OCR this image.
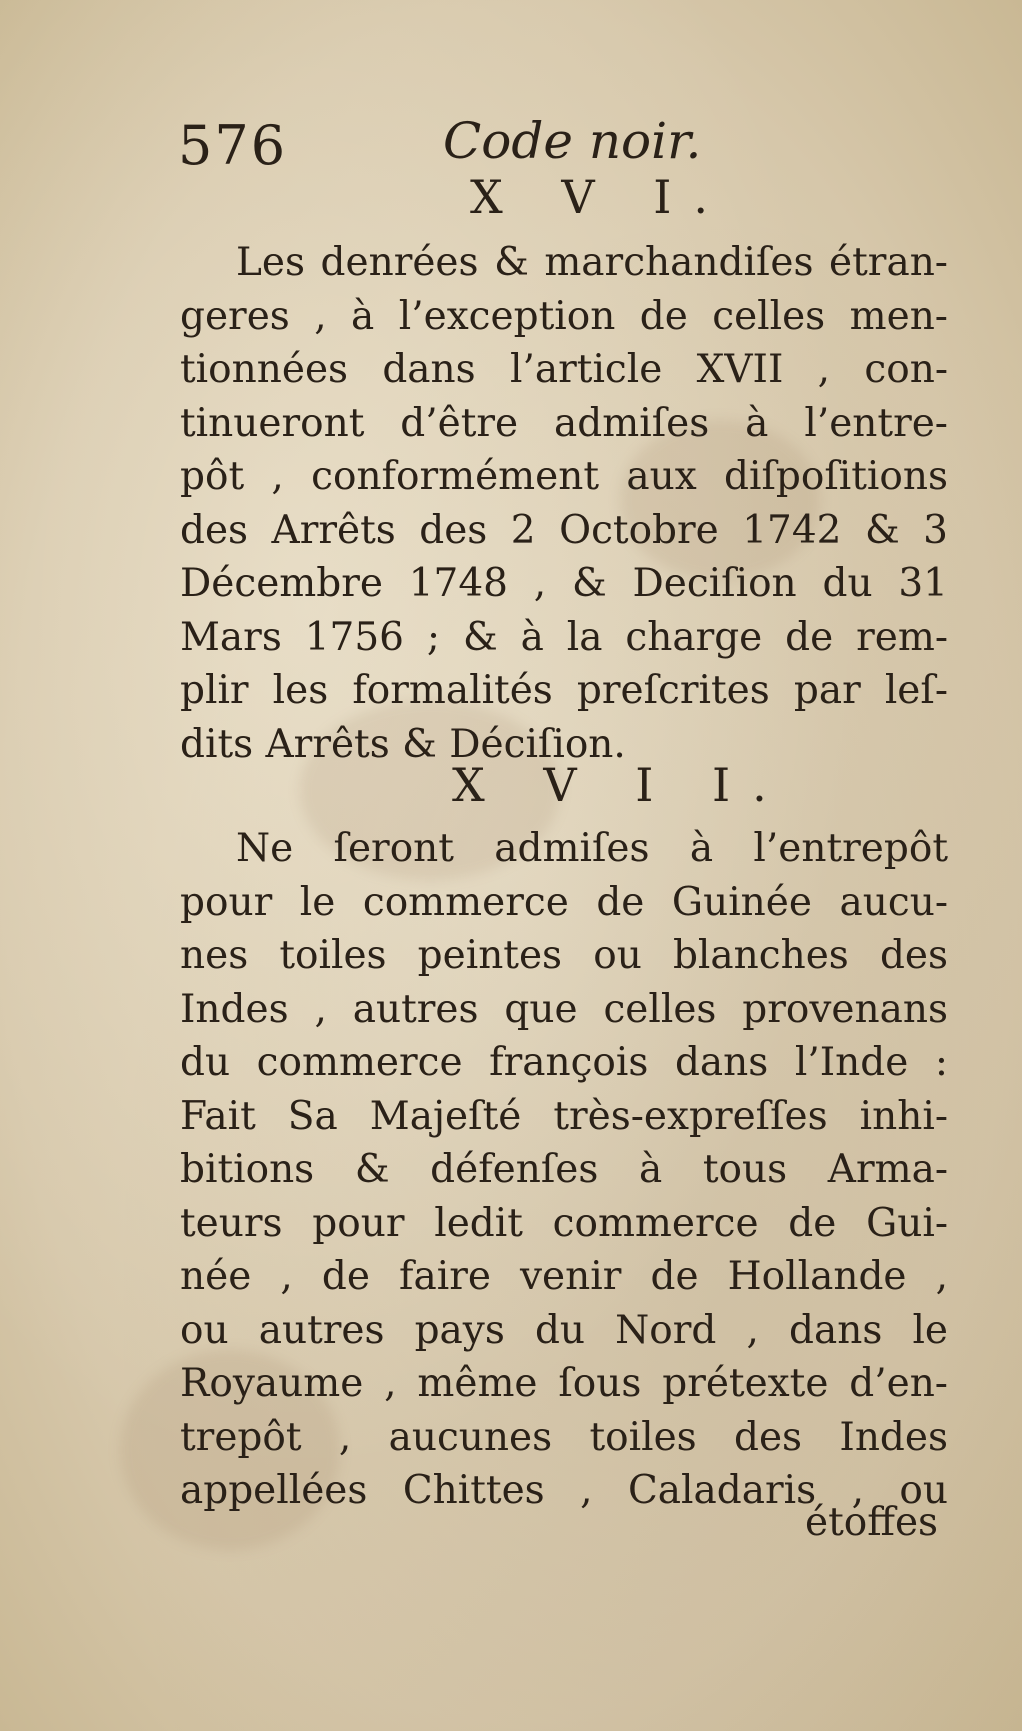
576	Code noir.
X V I.
Les denrées & marchandiſes étran-
geres , à l’exception de celles men-
tionnées dans l’article XVII , con-
tinueront d’être admiſes à l’entre-
pôt , conformément aux diſpoſitions
des Arrêts des 2 Octobre 1742 & 3
Décembre 1748 , & Deciſion du 31
Mars 1756 ; & à la charge de rem-
plir les formalités preſcrites par leſ-
dits Arrêts & Déciſion.
X V I I.
Ne ſeront admiſes à l’entrepôt
pour le commerce de Guinée aucu-
nes toiles peintes ou blanches des
Indes , autres que celles provenans
du commerce françois dans l’Inde :
Fait Sa Majeſté très-expreſſes inhi-
bitions & défenſes à tous Arma-
teurs pour ledit commerce de Gui-
née , de faire venir de Hollande ,
ou autres pays du Nord , dans le
Royaume , même ſous prétexte d’en-
trepôt , aucunes toiles des Indes
appellées Chittes , Caladaris , ou
étoffes
